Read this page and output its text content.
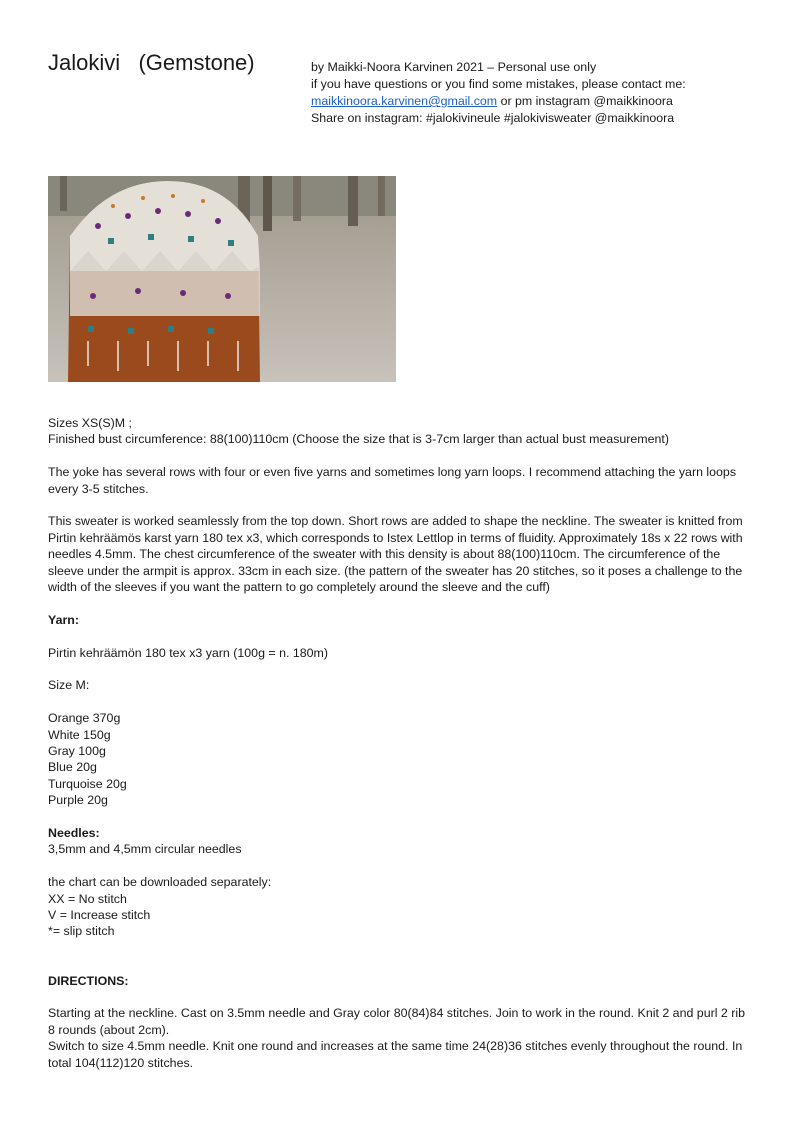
Jalokivi   (Gemstone)	by Maikki-Noora Karvinen 2021 – Personal use only
if you have questions or you find some mistakes, please contact me:
maikkinoora.karvinen@gmail.com or pm instagram @maikkinoora
Share on instagram: #jalokivineule #jalokivisweater @maikkinoora

Sizes XS(S)M ;

Finished bust circumference: 88(100)110cm (Choose the size that is 3-7cm larger than actual bust measurement)

The yoke has several rows with four or even five yarns and sometimes long yarn loops. I recommend attaching the yarn loops

every 3-5 stitches.

This sweater is worked seamlessly from the top down. Short rows are added to shape the neckline. The sweater is knitted from

Pirtin kehräämös karst yarn 180 tex x3, which corresponds to Istex Lettlop in terms of fluidity. Approximately 18s x 22 rows with

needles 4.5mm. The chest circumference of the sweater with this density is about 88(100)110cm. The circumference of the

sleeve under the armpit is approx. 33cm in each size. (the pattern of the sweater has 20 stitches, so it poses a challenge to the

width of the sleeves if you want the pattern to go completely around the sleeve and the cuff)

Yarn:

Pirtin kehräämön 180 tex x3 yarn (100g = n. 180m)

Size M:

Orange 370g

White 150g

Gray 100g

Blue 20g

Turquoise 20g

Purple 20g

Needles:

3,5mm and 4,5mm circular needles

the chart can be downloaded separately:

XX = No stitch

V = Increase stitch

*= slip stitch

DIRECTIONS:

Starting at the neckline. Cast on 3.5mm needle and Gray color 80(84)84 stitches. Join to work in the round. Knit 2 and purl 2 rib

8 rounds (about 2cm).

Switch to size 4.5mm needle. Knit one round and increases at the same time 24(28)36 stitches evenly throughout the round. In

total 104(112)120 stitches.
